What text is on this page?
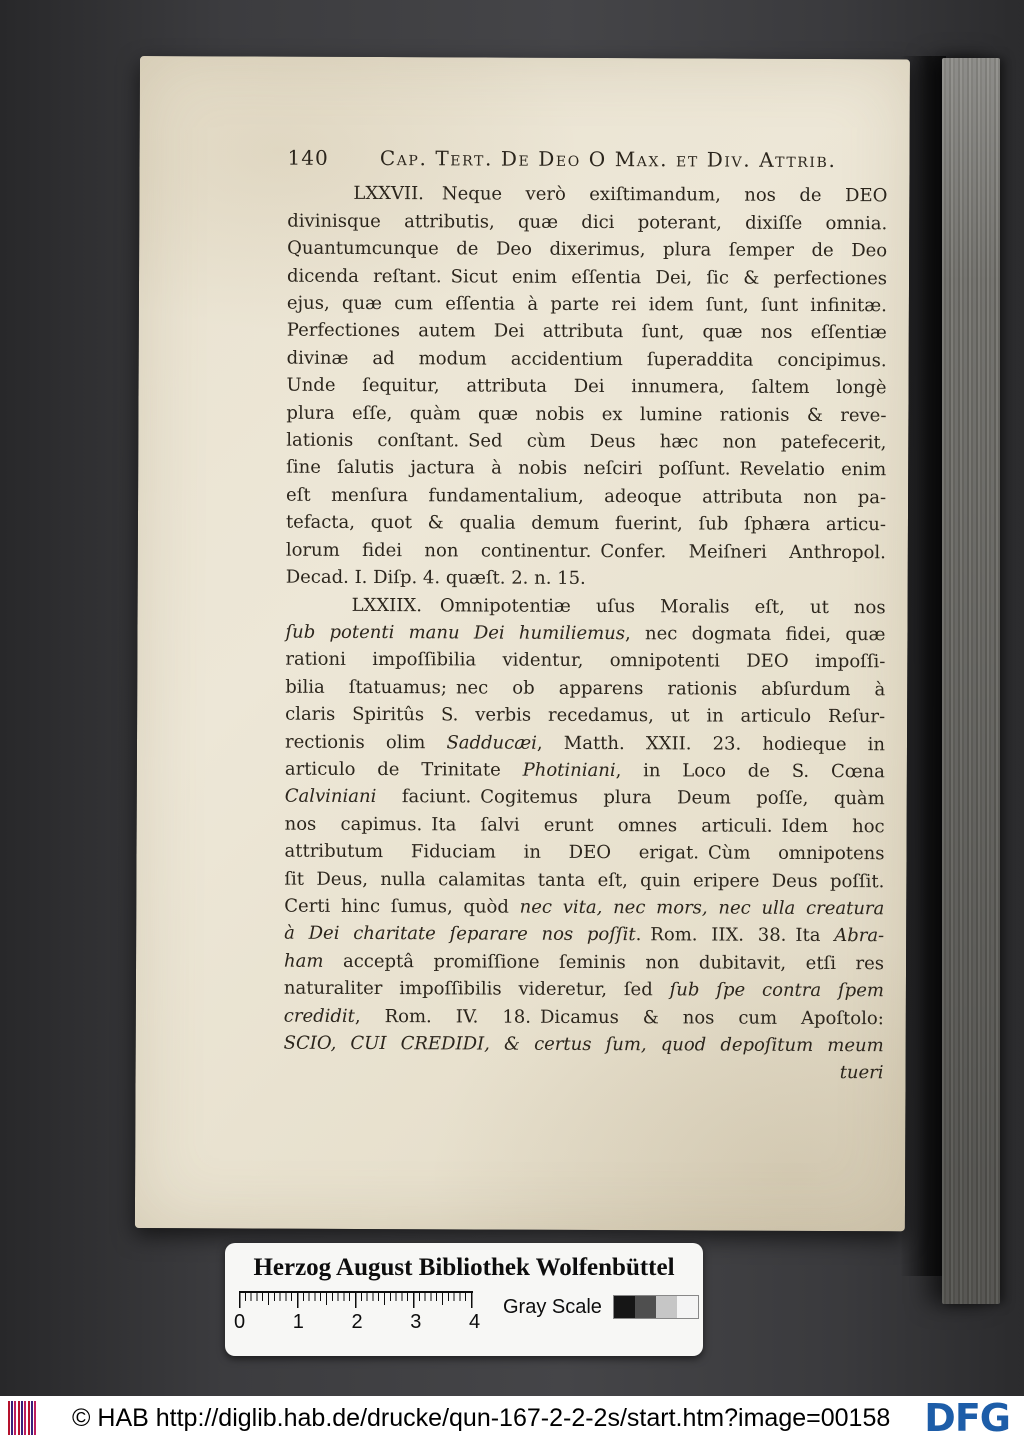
140	Cap. Tert. De Deo O Max. et Div. Attrib.
LXXVII.  Neque verò exiſtimandum, nos de DEO
divinisque attributis, quæ dici poterant, dixiſſe omnia.
Quantumcunque de Deo dixerimus, plura ſemper de Deo
dicenda reſtant. Sicut enim eſſentia Dei, ſic & perfectiones
ejus, quæ cum eſſentia à parte rei idem ſunt, ſunt infinitæ.
Perfectiones autem Dei attributa ſunt, quæ nos eſſentiæ
divinæ ad modum accidentium ſuperaddita concipimus.
Unde ſequitur, attributa Dei innumera, ſaltem longè
plura eſſe, quàm quæ nobis ex lumine rationis & reve-
lationis conſtant. Sed cùm Deus hæc non patefecerit,
ſine ſalutis jactura à nobis neſciri poſſunt. Revelatio enim
eſt menſura fundamentalium, adeoque attributa non pa-
tefacta, quot & qualia demum fuerint, ſub ſphæra articu-
lorum fidei non continentur. Confer. Meiſneri Anthropol.
Decad. I. Diſp. 4. quæſt. 2. n. 15.
LXXIIX.  Omnipotentiæ uſus Moralis eſt, ut nos
ſub potenti manu Dei humiliemus, nec dogmata fidei, quæ
rationi impoſſibilia videntur, omnipotenti DEO impoſſi-
bilia ſtatuamus; nec ob apparens rationis abſurdum à
claris Spiritûs S. verbis recedamus, ut in articulo Reſur-
rectionis olim Sadducæi, Matth. XXII. 23. hodieque in
articulo de Trinitate Photiniani, in Loco de S. Cœna
Calviniani faciunt. Cogitemus plura Deum poſſe, quàm
nos capimus. Ita ſalvi erunt omnes articuli. Idem hoc
attributum Fiduciam in DEO erigat. Cùm omnipotens
ſit Deus, nulla calamitas tanta eſt, quin eripere Deus poſſit.
Certi hinc ſumus, quòd nec vita, nec mors, nec ulla creatura
à Dei charitate ſeparare nos poſſit. Rom. IIX. 38. Ita Abra-
ham acceptâ promiſſione ſeminis non dubitavit, etſi res
naturaliter impoſſibilis videretur, ſed ſub ſpe contra ſpem
credidit, Rom. IV. 18. Dicamus & nos cum Apoſtolo:
SCIO, CUI CREDIDI, & certus ſum, quod depoſitum meum
tueri
Herzog August Bibliothek Wolfenbüttel
0 1 2 3 4
Gray Scale
© HAB http://diglib.hab.de/drucke/qun-167-2-2-2s/start.htm?image=00158 DFG
